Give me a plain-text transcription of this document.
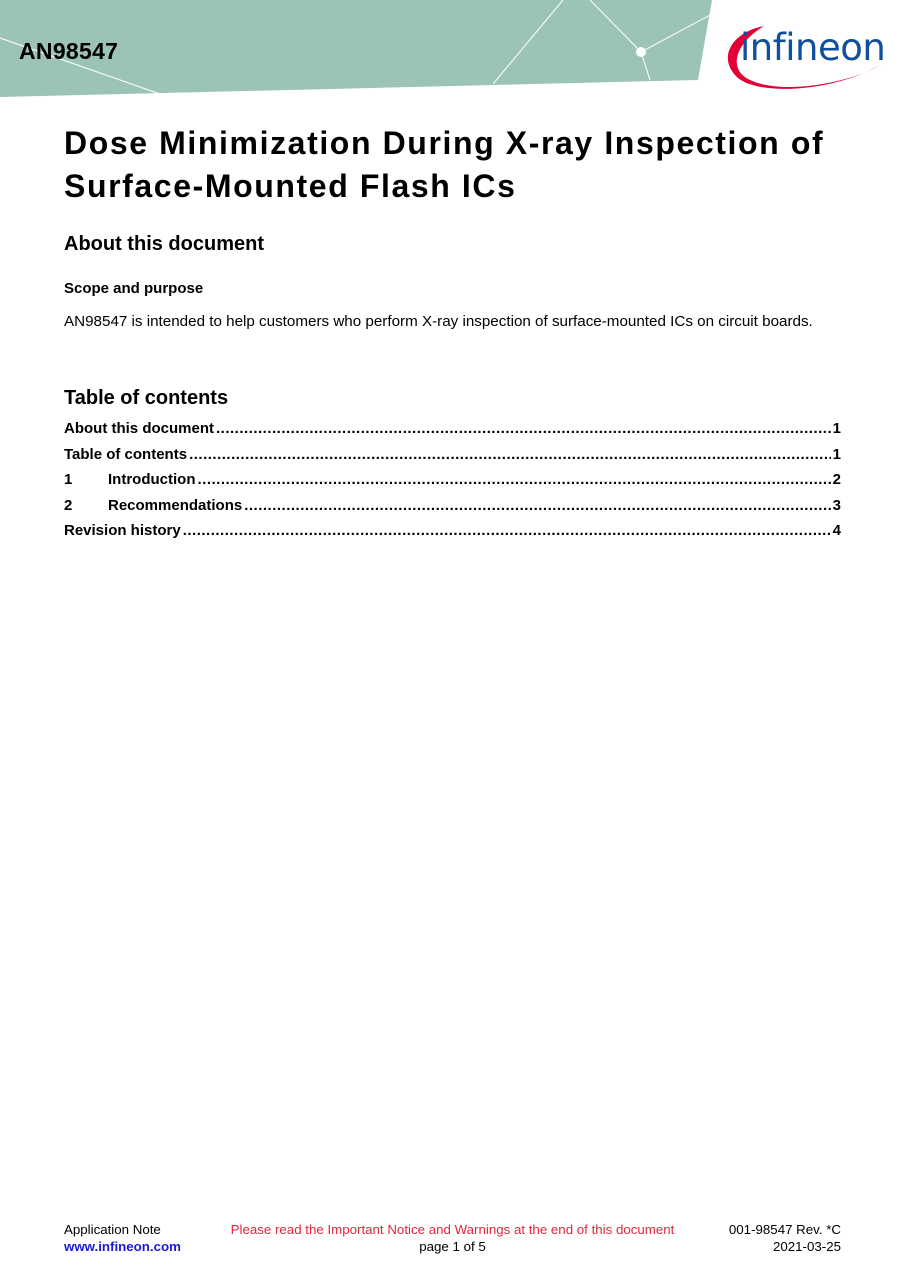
AN98547	infineon
Dose Minimization During X-ray Inspection of Surface-Mounted Flash ICs
About this document
Scope and purpose
AN98547 is intended to help customers who perform X-ray inspection of surface-mounted ICs on circuit boards.
Table of contents
About this document .....	1
Table of contents .....	1
1	Introduction .....	2
2	Recommendations .....	3
Revision history .....	4
Application Note
www.infineon.com
Please read the Important Notice and Warnings at the end of this document
page 1 of 5
001-98547 Rev. *C
2021-03-25
